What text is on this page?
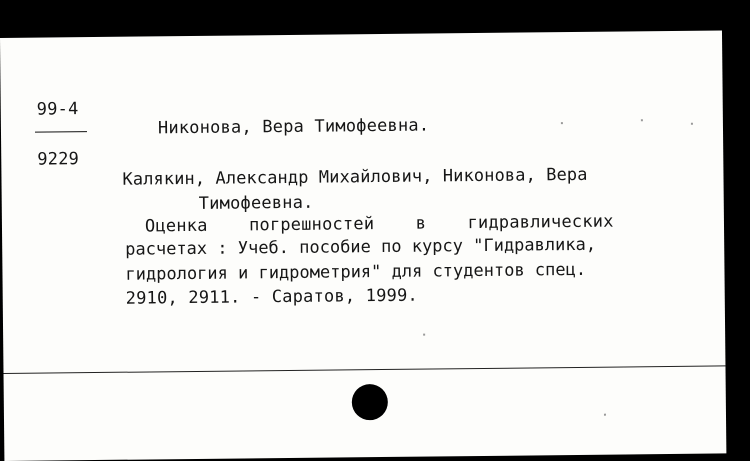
99-4
9229
Никонова, Вера Тимофеевна.
Калякин, Александр Михайлович, Никонова, Вера
Тимофеевна.
Оценка погрешностей в гидравлических
расчетах : Учеб. пособие по курсу "Гидравлика,
гидрология и гидрометрия" для студентов спец.
2910, 2911. - Саратов, 1999.
